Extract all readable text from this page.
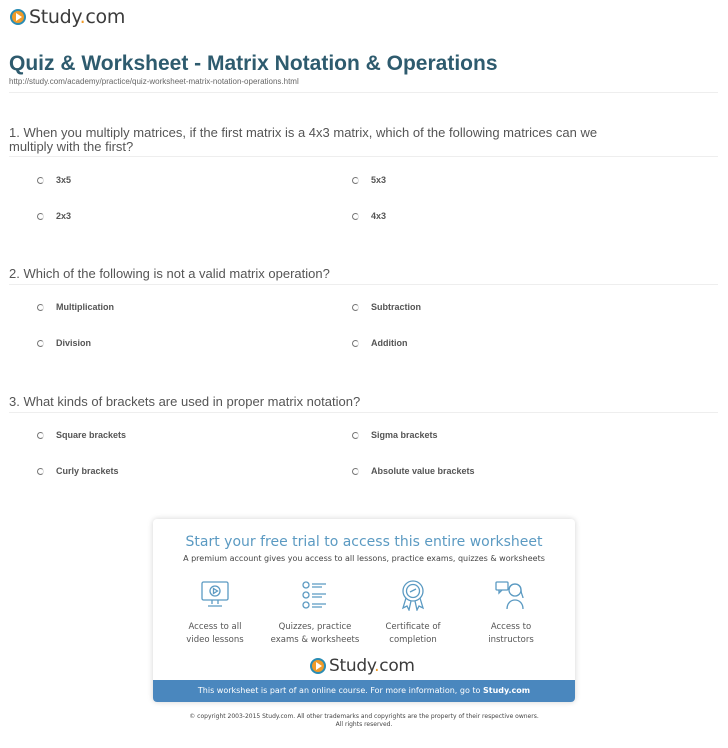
Study.com
Quiz & Worksheet - Matrix Notation & Operations
http://study.com/academy/practice/quiz-worksheet-matrix-notation-operations.html
1. When you multiply matrices, if the first matrix is a 4x3 matrix, which of the following matrices can we multiply with the first?
3x5	5x3
2x3	4x3
2. Which of the following is not a valid matrix operation?
Multiplication	Subtraction
Division	Addition
3. What kinds of brackets are used in proper matrix notation?
Square brackets	Sigma brackets
Curly brackets	Absolute value brackets
Start your free trial to access this entire worksheet
A premium account gives you access to all lessons, practice exams, quizzes & worksheets
Access to all
video lessons
Quizzes, practice
exams & worksheets
Certificate of
completion
Access to
instructors
Study.com
This worksheet is part of an online course. For more information, go to Study.com
© copyright 2003-2015 Study.com. All other trademarks and copyrights are the property of their respective owners.
All rights reserved.
